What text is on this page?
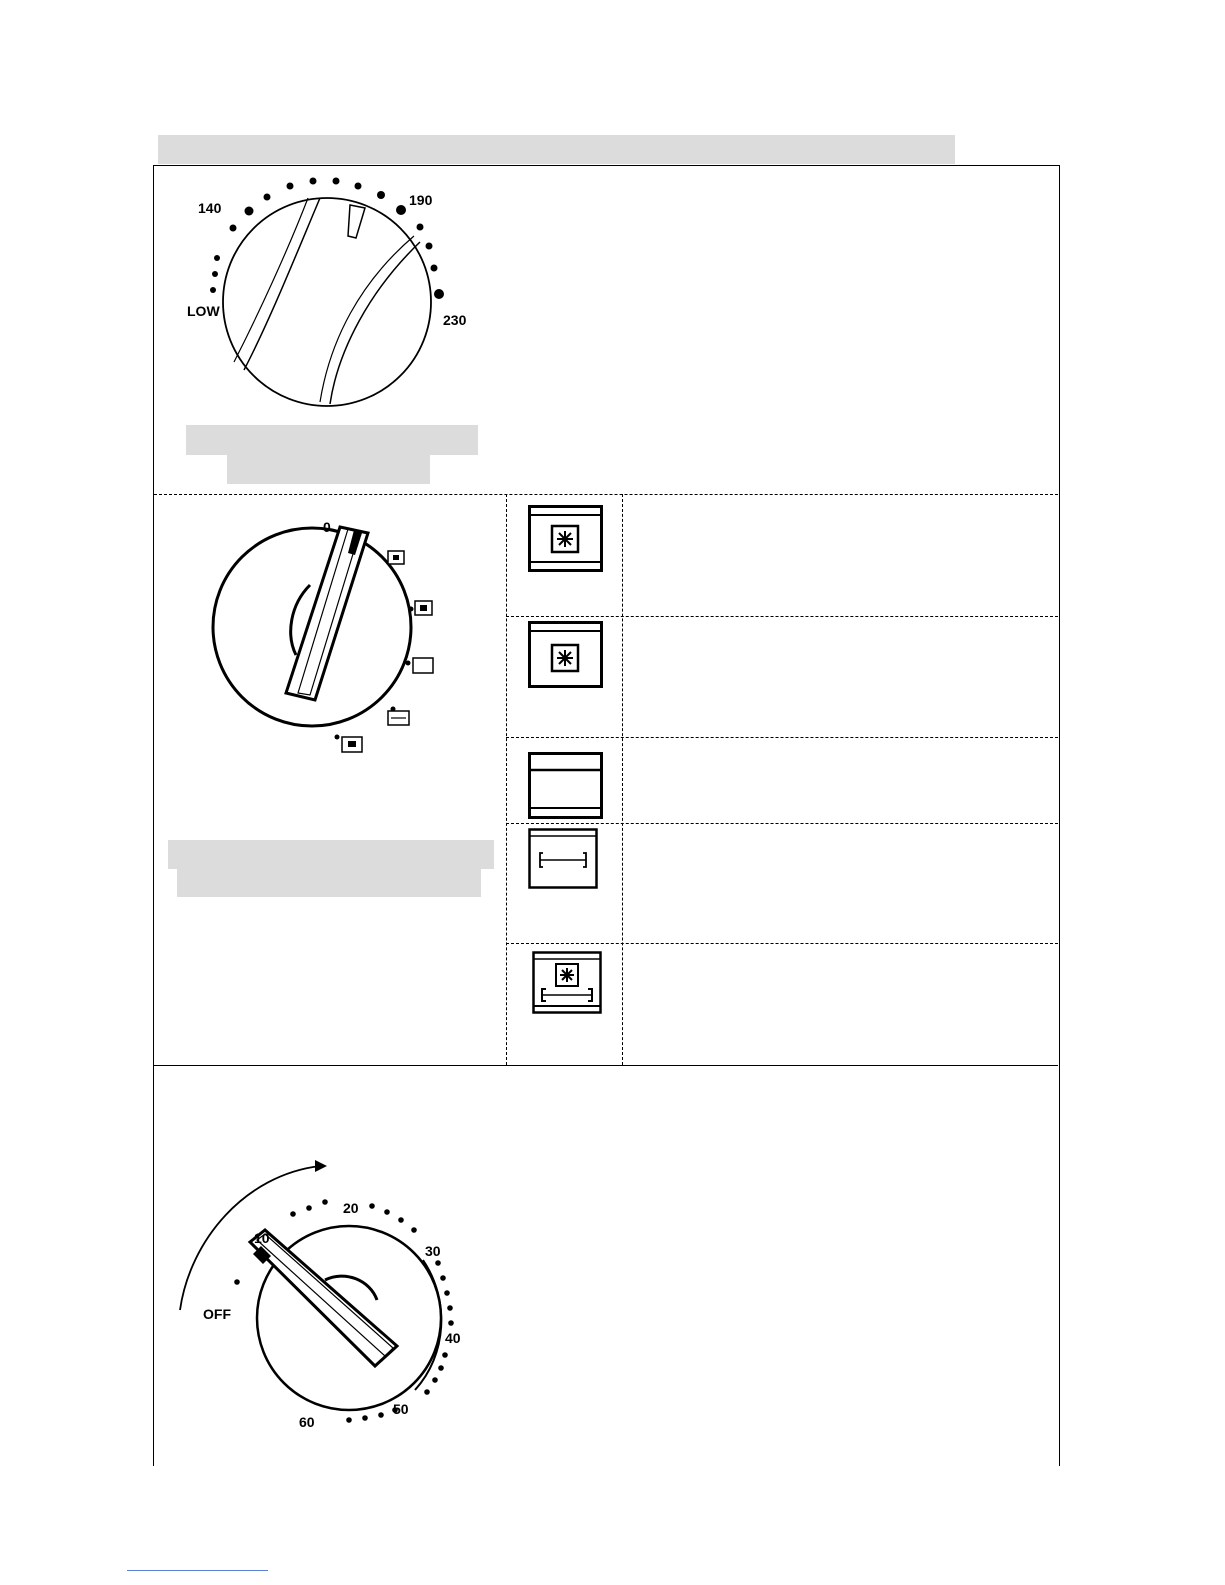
140	190
LOW
230
0
10
20
30
OFF
40
50
60
